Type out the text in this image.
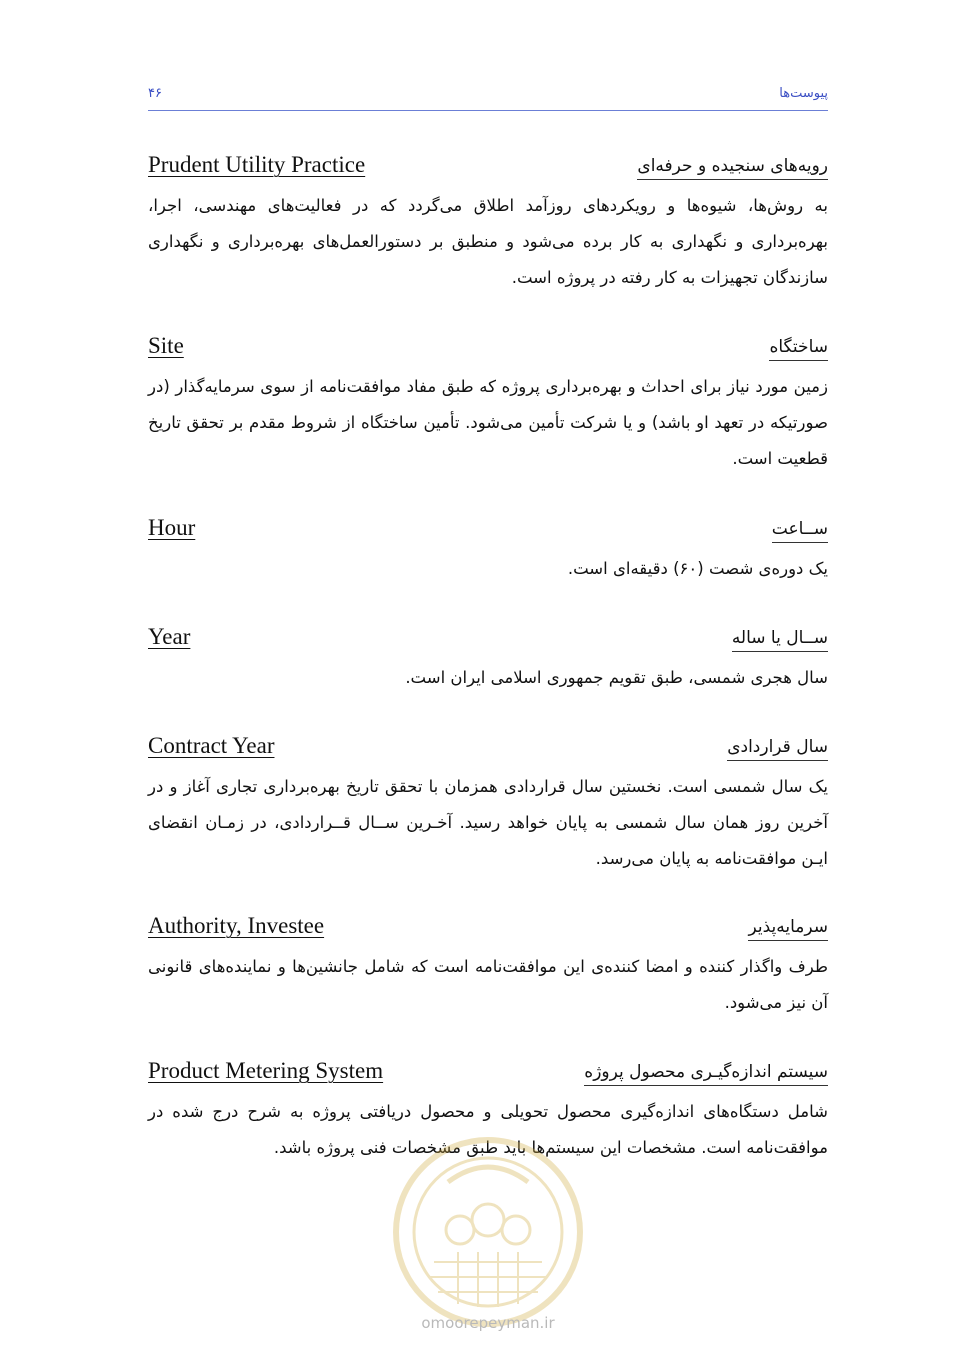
۴۶	پیوست‌ها
Prudent Utility Practice	رویه‌های سنجیده و حرفه‌ای
به روش‌ها، شیوه‌ها و رویکردهای روزآمد اطلاق می‌گردد که در فعالیت‌های مهندسی، اجرا، بهره‌برداری و نگهداری به کار برده می‌شود و منطبق بر دستورالعمل‌های بهره‌برداری و نگهداری سازندگان تجهیزات به کار رفته در پروژه است.
Site	ساختگاه
زمین مورد نیاز برای احداث و بهره‌برداری پروژه که طبق مفاد موافقت‌نامه از سوی سرمایه‌گذار (در صورتیکه در تعهد او باشد) و یا شرکت تأمین می‌شود. تأمین ساختگاه از شروط مقدم بر تحقق تاریخ قطعیت است.
Hour	ســاعت
یک دوره‌ی شصت (۶۰) دقیقه‌ای است.
Year	ســال یا ساله
سال هجری شمسی، طبق تقویم جمهوری اسلامی ایران است.
Contract Year	سال قراردادی
یک سال شمسی است. نخستین سال قراردادی همزمان با تحقق تاریخ بهره‌برداری تجاری آغاز و در آخرین روز همان سال شمسی به پایان خواهد رسید. آخـرین ســال قــراردادی، در زمـان انقضای ایـن موافقت‌نامه به پایان می‌رسد.
Authority, Investee	سرمایه‌پذیر
طرف واگذار کننده و امضا کننده‌ی این موافقت‌نامه است که شامل جانشین‌ها و نماینده‌های قانونی آن نیز می‌شود.
Product Metering System	سیستم اندازه‌گیـری محصول پروژه
شامل دستگاه‌های اندازه‌گیری محصول تحویلی و محصول دریافتی پروژه به شرح درج شده در موافقت‌نامه است. مشخصات این سیستم‌ها باید طبق مشخصات فنی پروژه باشد.
omoorepeyman.ir
